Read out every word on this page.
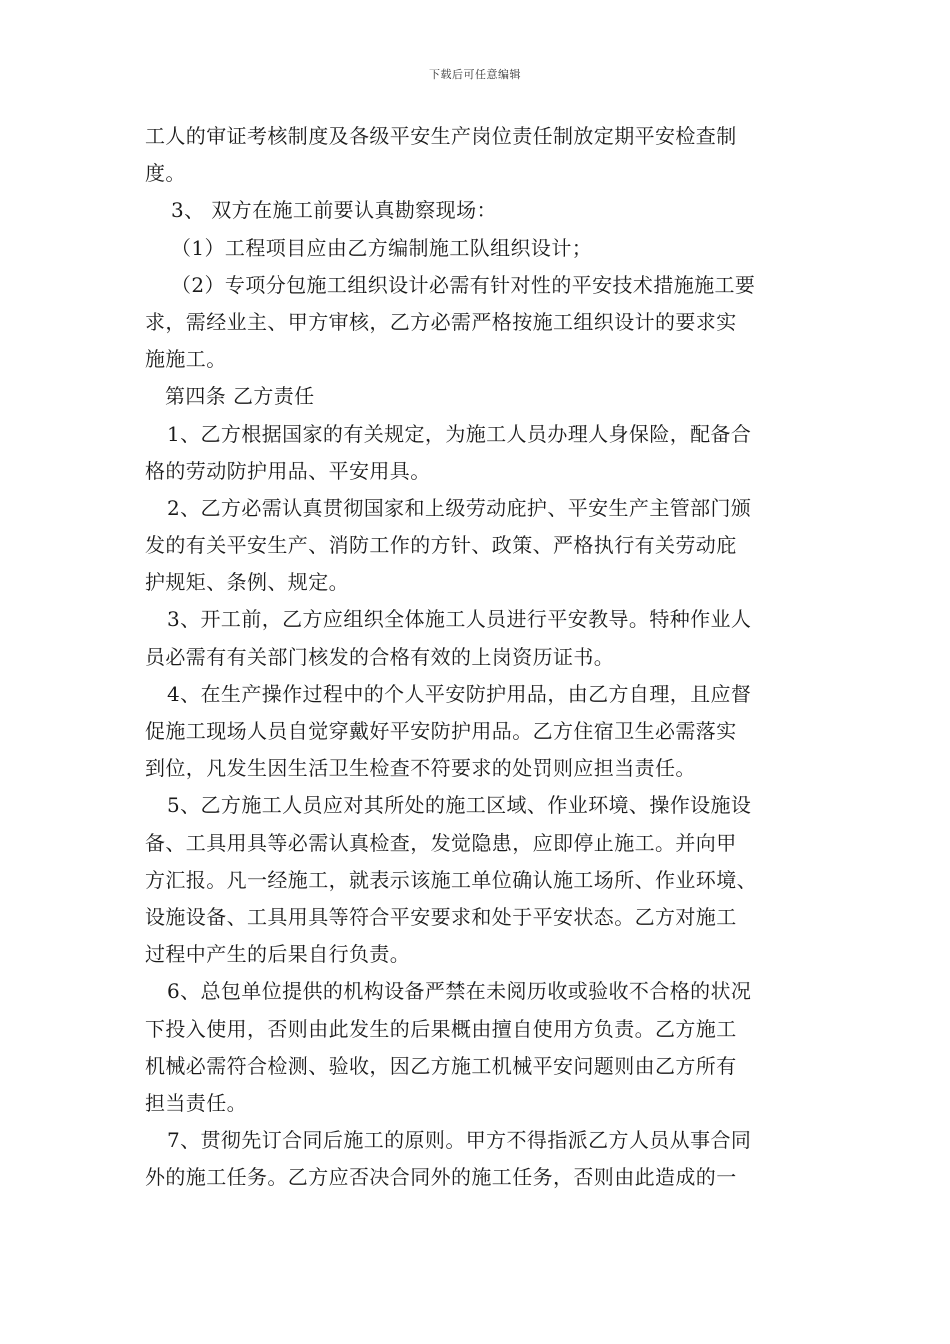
下载后可任意编辑
工人的审证考核制度及各级平安生产岗位责任制放定期平安检查制
度。
3、 双方在施工前要认真勘察现场：
（1）工程项目应由乙方编制施工队组织设计；
（2）专项分包施工组织设计必需有针对性的平安技术措施施工要
求，需经业主、甲方审核，乙方必需严格按施工组织设计的要求实
施施工。
第四条 乙方责任
1、乙方根据国家的有关规定，为施工人员办理人身保险，配备合
格的劳动防护用品、平安用具。
2、乙方必需认真贯彻国家和上级劳动庇护、平安生产主管部门颁
发的有关平安生产、消防工作的方针、政策、严格执行有关劳动庇
护规矩、条例、规定。
3、开工前，乙方应组织全体施工人员进行平安教导。特种作业人
员必需有有关部门核发的合格有效的上岗资历证书。
4、在生产操作过程中的个人平安防护用品，由乙方自理，且应督
促施工现场人员自觉穿戴好平安防护用品。乙方住宿卫生必需落实
到位，凡发生因生活卫生检查不符要求的处罚则应担当责任。
5、乙方施工人员应对其所处的施工区域、作业环境、操作设施设
备、工具用具等必需认真检查，发觉隐患，应即停止施工。并向甲
方汇报。凡一经施工，就表示该施工单位确认施工场所、作业环境、
设施设备、工具用具等符合平安要求和处于平安状态。乙方对施工
过程中产生的后果自行负责。
6、总包单位提供的机构设备严禁在未阅历收或验收不合格的状况
下投入使用，否则由此发生的后果概由擅自使用方负责。乙方施工
机械必需符合检测、验收，因乙方施工机械平安问题则由乙方所有
担当责任。
7、贯彻先订合同后施工的原则。甲方不得指派乙方人员从事合同
外的施工任务。乙方应否决合同外的施工任务，否则由此造成的一
